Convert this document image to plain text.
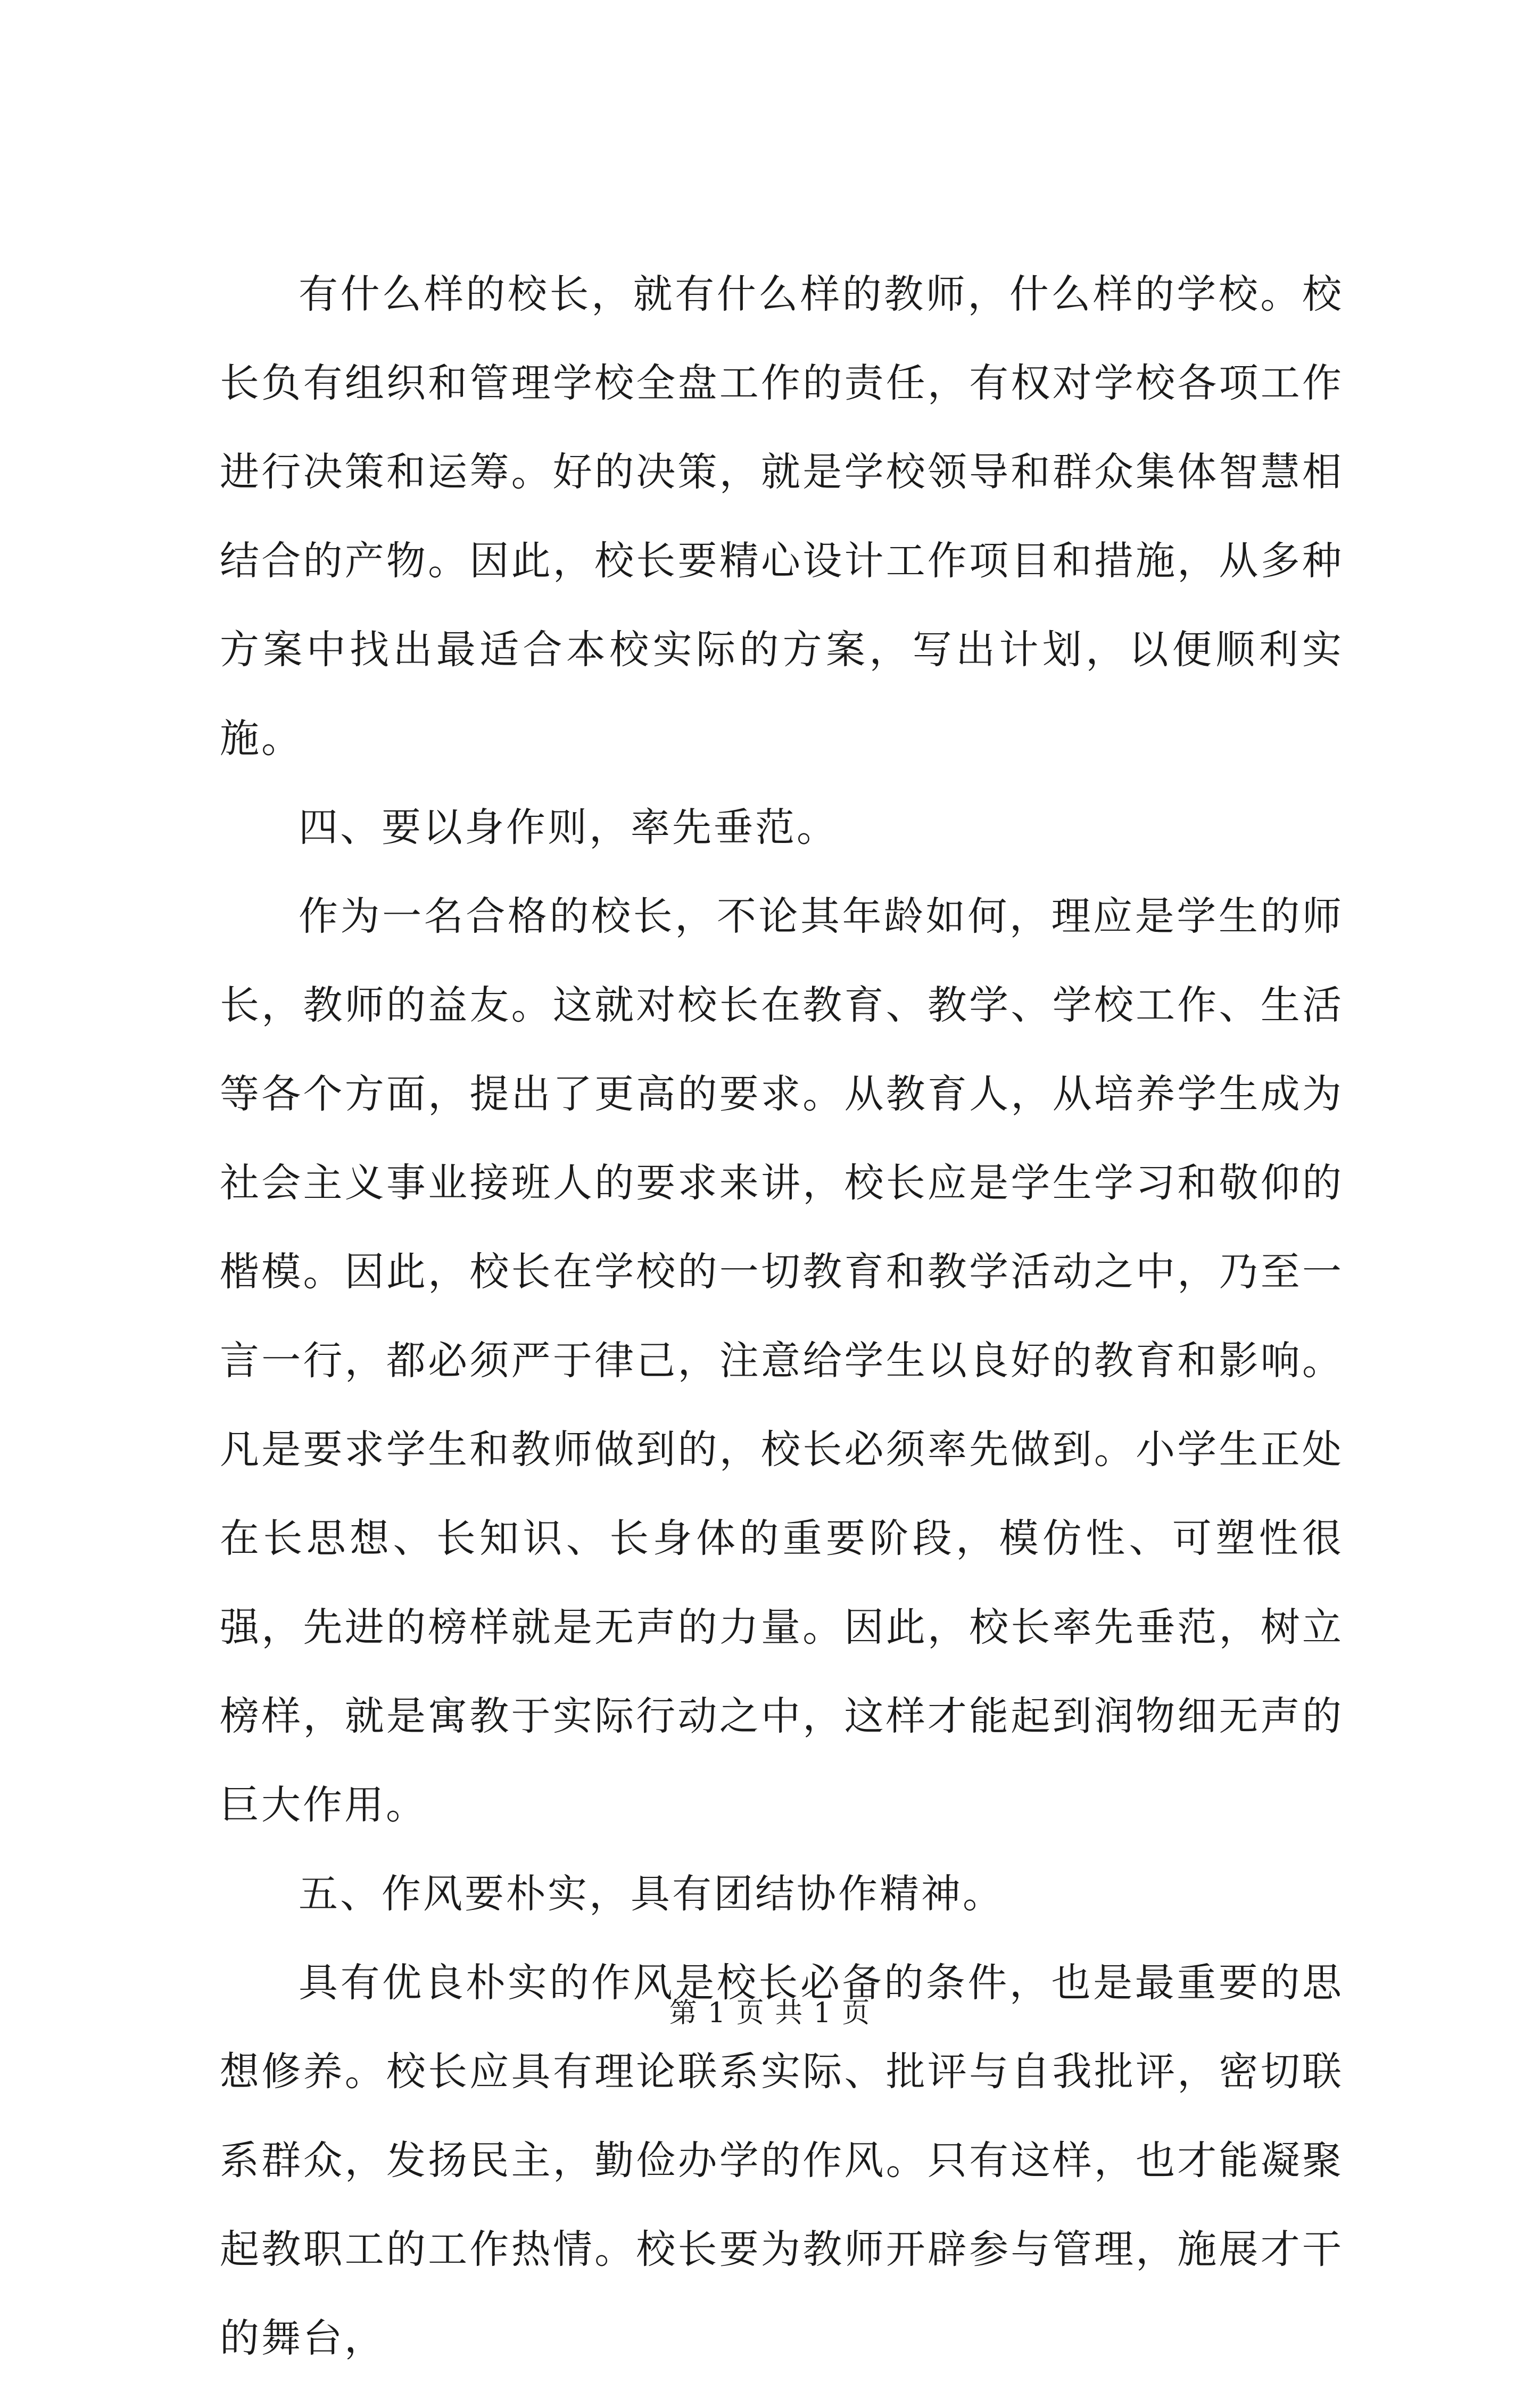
有什么样的校长，就有什么样的教师，什么样的学校。校长负有组织和管理学校全盘工作的责任，有权对学校各项工作进行决策和运筹。好的决策，就是学校领导和群众集体智慧相结合的产物。因此，校长要精心设计工作项目和措施，从多种方案中找出最适合本校实际的方案，写出计划，以便顺利实施。

四、要以身作则，率先垂范。

作为一名合格的校长，不论其年龄如何，理应是学生的师长，教师的益友。这就对校长在教育、教学、学校工作、生活等各个方面，提出了更高的要求。从教育人，从培养学生成为社会主义事业接班人的要求来讲，校长应是学生学习和敬仰的楷模。因此，校长在学校的一切教育和教学活动之中，乃至一言一行，都必须严于律己，注意给学生以良好的教育和影响。凡是要求学生和教师做到的，校长必须率先做到。小学生正处在长思想、长知识、长身体的重要阶段，模仿性、可塑性很强，先进的榜样就是无声的力量。因此，校长率先垂范，树立榜样，就是寓教于实际行动之中，这样才能起到润物细无声的巨大作用。

五、作风要朴实，具有团结协作精神。

具有优良朴实的作风是校长必备的条件，也是最重要的思想修养。校长应具有理论联系实际、批评与自我批评，密切联系群众，发扬民主，勤俭办学的作风。只有这样，也才能凝聚起教职工的工作热情。校长要为教师开辟参与管理，施展才干的舞台，

第 1 页 共 1 页
